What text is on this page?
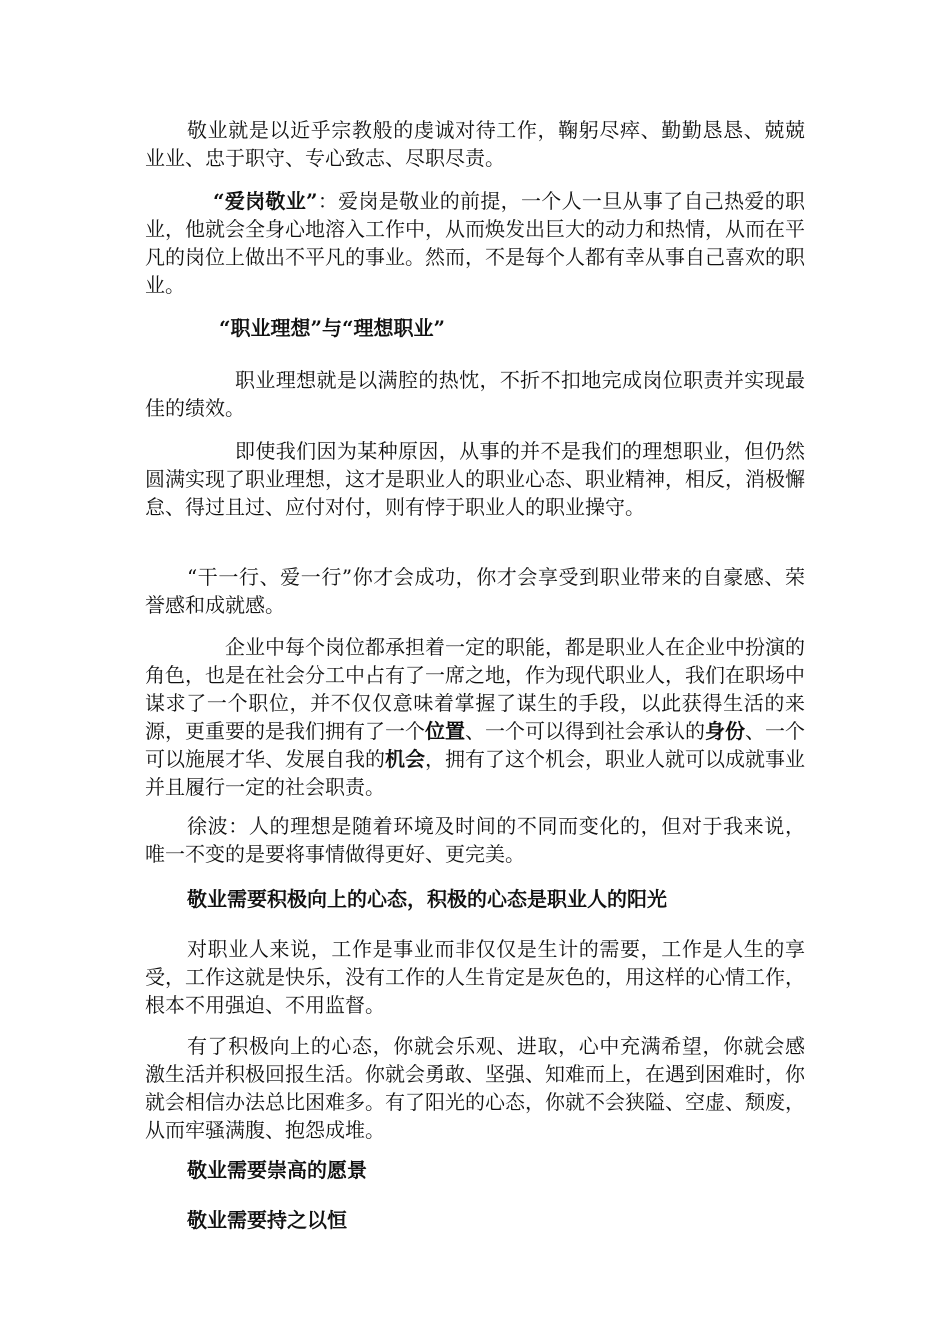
敬业就是以近乎宗教般的虔诚对待工作，鞠躬尽瘁、勤勤恳恳、兢兢业业、忠于职守、专心致志、尽职尽责。

“爱岗敬业”：爱岗是敬业的前提，一个人一旦从事了自己热爱的职业，他就会全身心地溶入工作中，从而焕发出巨大的动力和热情，从而在平凡的岗位上做出不平凡的事业。然而，不是每个人都有幸从事自己喜欢的职业。

“职业理想”与“理想职业”

职业理想就是以满腔的热忱，不折不扣地完成岗位职责并实现最佳的绩效。

即使我们因为某种原因，从事的并不是我们的理想职业，但仍然圆满实现了职业理想，这才是职业人的职业心态、职业精神，相反，消极懈怠、得过且过、应付对付，则有悖于职业人的职业操守。

“干一行、爱一行”你才会成功，你才会享受到职业带来的自豪感、荣誉感和成就感。

企业中每个岗位都承担着一定的职能，都是职业人在企业中扮演的角色，也是在社会分工中占有了一席之地，作为现代职业人，我们在职场中谋求了一个职位，并不仅仅意味着掌握了谋生的手段，以此获得生活的来源，更重要的是我们拥有了一个位置、一个可以得到社会承认的身份、一个可以施展才华、发展自我的机会，拥有了这个机会，职业人就可以成就事业并且履行一定的社会职责。

徐波：人的理想是随着环境及时间的不同而变化的，但对于我来说，唯一不变的是要将事情做得更好、更完美。

敬业需要积极向上的心态，积极的心态是职业人的阳光

对职业人来说，工作是事业而非仅仅是生计的需要，工作是人生的享受，工作这就是快乐，没有工作的人生肯定是灰色的，用这样的心情工作，根本不用强迫、不用监督。

有了积极向上的心态，你就会乐观、进取，心中充满希望，你就会感激生活并积极回报生活。你就会勇敢、坚强、知难而上，在遇到困难时，你就会相信办法总比困难多。有了阳光的心态，你就不会狭隘、空虚、颓废，从而牢骚满腹、抱怨成堆。

敬业需要崇高的愿景

敬业需要持之以恒
